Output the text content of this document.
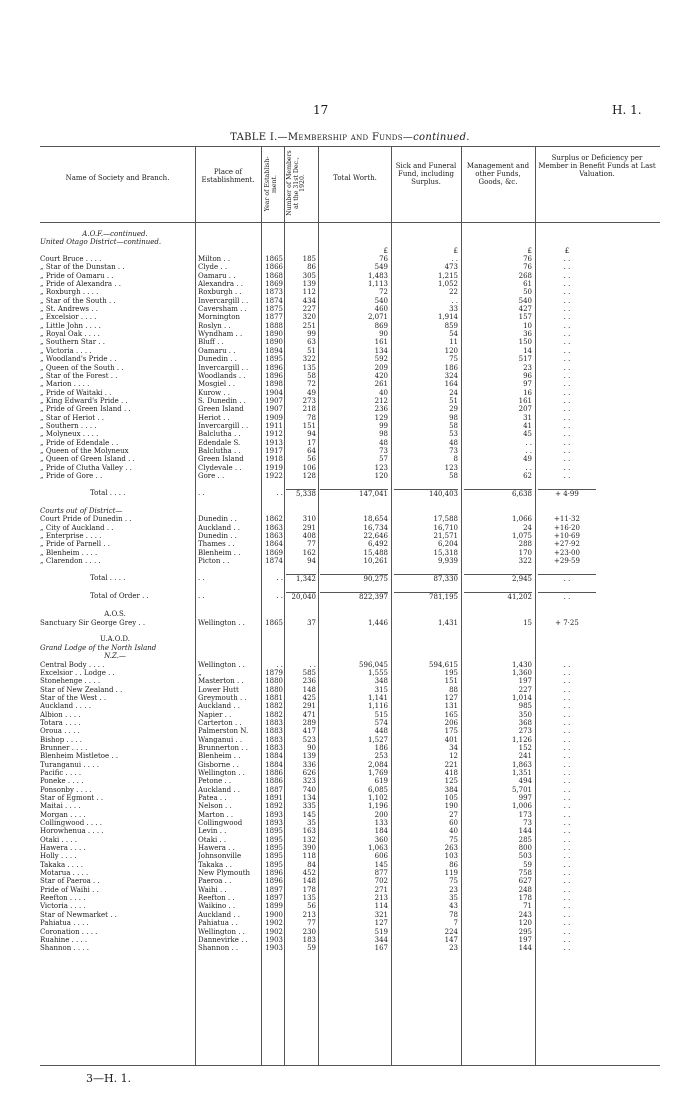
17	H. 1.
TABLE I.—Membership and Funds—continued.
Name of Society and Branch.
Place of Establishment.	Year of Establish-ment. Number of Members at the 31st Dec., 1920.	Total Worth.
Sick and Funeral Fund, including Surplus.
Management and other Funds, Goods, &c.
Surplus or Deficiency per Member in Benefit Funds at Last Valuation.
A.O.F.—continued.
United Otago District—continued.
£	£	£	£
Court Bruce . . . .	Milton . .	1865	185	76	. .	76	. .
„ Star of the Dunstan . .	Clyde . .	1866	86	549	473	76	. .
„ Pride of Oamaru . .	Oamaru . .	1868	305	1,483	1,215	268	. .
„ Pride of Alexandra . .	Alexandra . .	1869	139	1,113	1,052	61	. .
„ Roxburgh . . . .	Roxburgh . .	1873	112	72	22	50	. .
„ Star of the South . .	Invercargill . .	1874	434	540	. .	540	. .
„ St. Andrews . .	Caversham . .	1875	227	460	33	427	. .
„ Excelsior . . . .	Mornington	1877	320	2,071	1,914	157	. .
„ Little John . . . .	Roslyn . .	1888	251	869	859	10	. .
„ Royal Oak . . . .	Wyndham . .	1890	99	90	54	36	. .
„ Southern Star . .	Bluff . .	1890	63	161	11	150	. .
„ Victoria . . . .	Oamaru . .	1894	51	134	120	14	. .
„ Woodland's Pride . .	Dunedin . .	1895	322	592	75	517	. .
„ Queen of the South . .	Invercargill . .	1896	135	209	186	23	. .
„ Star of the Forest . .	Woodlands . .	1896	58	420	324	96	. .
„ Marion . . . .	Mosgiel . .	1898	72	261	164	97	. .
„ Pride of Waitaki . .	Kurow . .	1904	49	40	24	16	. .
„ King Edward's Pride . .	S. Dunedin . .	1907	273	212	51	161	. .
„ Pride of Green Island . .	Green Island	1907	218	236	29	207	. .
„ Star of Heriot . .	Heriot . .	1909	78	129	98	31	. .
„ Southern . . . .	Invercargill . .	1911	151	99	58	41	. .
„ Molyneux . . . .	Balclutha . .	1912	94	98	53	45	. .
„ Pride of Edendale . .	Edendale S.	1913	17	48	48	. .	. .
„ Queen of the Molyneux	Balclutha . .	1917	64	73	73	. .	. .
„ Queen of Green Island . .	Green Island	1918	56	57	8	49	. .
„ Pride of Clutha Valley . .	Clydevale . .	1919	106	123	123	. .	. .
„ Pride of Gore . .	Gore . .	1922	128	120	58	62	. .
Total . . . .	. .	. .	5,338	147,041	140,403	6,638	+ 4·99
Courts out of District—
Court Pride of Dunedin . .	Dunedin . .	1862	310	18,654	17,588	1,066	+11·32
„ City of Auckland . .	Auckland . .	1863	291	16,734	16,710	24	+16·20
„ Enterprise . . . .	Dunedin . .	1863	408	22,646	21,571	1,075	+10·69
„ Pride of Parnell . .	Thames . .	1864	77	6,492	6,204	288	+27·92
„ Blenheim . . . .	Blenheim . .	1869	162	15,488	15,318	170	+23·00
„ Clarendon . . . .	Picton . .	1874	94	10,261	9,939	322	+29·59
Total . . . .	. .	. .	1,342	90,275	87,330	2,945	. .
Total of Order . .	. .	. .	20,040	822,397	781,195	41,202	. .
A.O.S.
Sanctuary Sir George Grey . .	Wellington . .	1865	37	1,446	1,431	15	+ 7·25
U.A.O.D.
Grand Lodge of the North Island
N.Z.—
Central Body . . . .	Wellington . .	. .	. .	596,045	594,615	1,430	. .
Excelsior . . Lodge . .	„	1879	585	1,555	195	1,360	. .
Stonehenge . . . .	Masterton . .	1880	236	348	151	197	. .
Star of New Zealand . .	Lower Hutt	1880	148	315	88	227	. .
Star of the West . .	Greymouth . .	1881	425	1,141	127	1,014	. .
Auckland . . . .	Auckland . .	1882	291	1,116	131	985	. .
Albion . . . .	Napier . .	1882	471	515	165	350	. .
Totara . . . .	Carterton . .	1883	289	574	206	368	. .
Oroua . . . .	Palmerston N.	1883	417	448	175	273	. .
Bishop . . . .	Wanganui . .	1883	523	1,527	401	1,126	. .
Brunner . . . .	Brunnerton . .	1883	90	186	34	152	. .
Blenheim Mistletoe . .	Blenheim . .	1884	139	253	12	241	. .
Turanganui . . . .	Gisborne . .	1884	336	2,084	221	1,863	. .
Pacific . . . .	Wellington . .	1886	626	1,769	418	1,351	. .
Poneke . . . .	Petone . .	1886	323	619	125	494	. .
Ponsonby . . . .	Auckland . .	1887	740	6,085	384	5,701	. .
Star of Egmont . .	Patea . .	1891	134	1,102	105	997	. .
Maitai . . . .	Nelson . .	1892	335	1,196	190	1,006	. .
Morgan . . . .	Marton . .	1893	145	200	27	173	. .
Collingwood . . . .	Collingwood	1893	35	133	60	73	. .
Horowhenua . . . .	Levin . .	1895	163	184	40	144	. .
Otaki . . . .	Otaki . .	1895	132	360	75	285	. .
Hawera . . . .	Hawera . .	1895	390	1,063	263	800	. .
Holly . . . .	Johnsonville	1895	118	606	103	503	. .
Takaka . . . .	Takaka . .	1895	84	145	86	59	. .
Motarua . . . .	New Plymouth	1896	452	877	119	758	. .
Star of Paeroa . .	Paeroa . .	1896	148	702	75	627	. .
Pride of Waihi . .	Waihi . .	1897	178	271	23	248	. .
Reefton . . . .	Reefton . .	1897	135	213	35	178	. .
Victoria . . . .	Waikino . .	1899	56	114	43	71	. .
Star of Newmarket . .	Auckland . .	1900	213	321	78	243	. .
Pahiatua . . . .	Pahiatua . .	1902	77	127	7	120	. .
Coronation . . . .	Wellington . .	1902	230	519	224	295	. .
Ruahine . . . .	Dannevirke . .	1903	183	344	147	197	. .
Shannon . . . .	Shannon . .	1903	59	167	23	144	. .
3—H. 1.
